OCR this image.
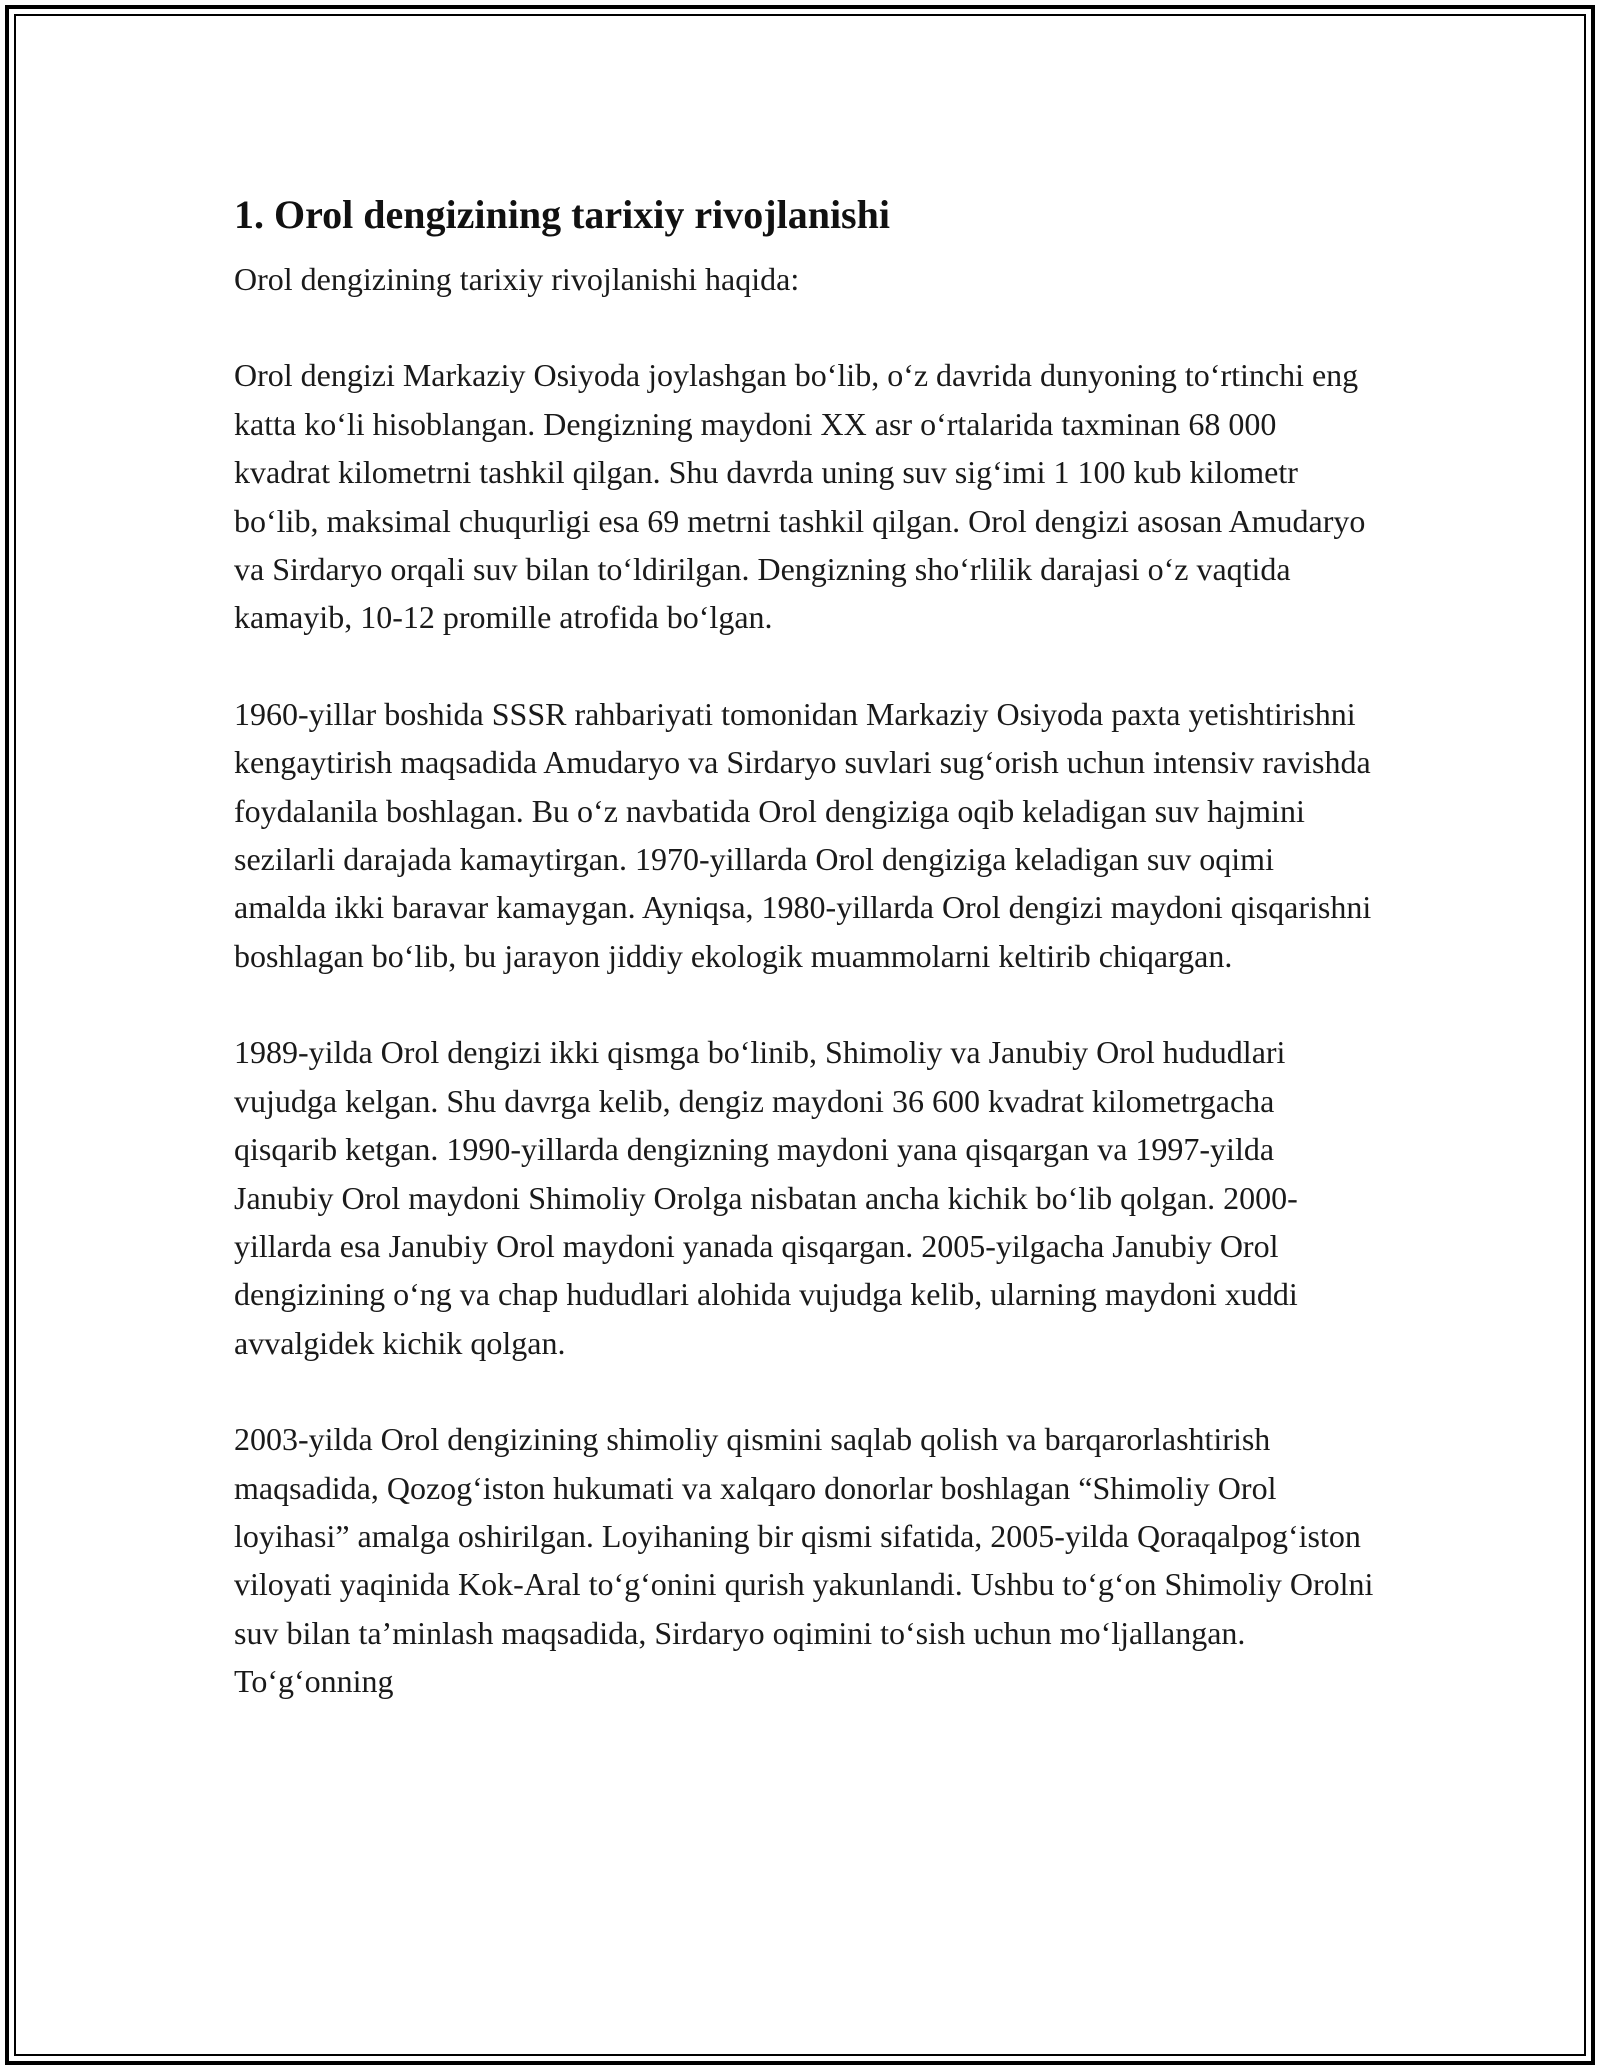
1. Orol dengizining tarixiy rivojlanishi

Orol dengizining tarixiy rivojlanishi haqida:

Orol dengizi Markaziy Osiyoda joylashgan bo‘lib, o‘z davrida dunyoning to‘rtinchi eng katta ko‘li hisoblangan. Dengizning maydoni XX asr o‘rtalarida taxminan 68 000 kvadrat kilometrni tashkil qilgan. Shu davrda uning suv sig‘imi 1 100 kub kilometr bo‘lib, maksimal chuqurligi esa 69 metrni tashkil qilgan. Orol dengizi asosan Amudaryo va Sirdaryo orqali suv bilan to‘ldirilgan. Dengizning sho‘rlilik darajasi o‘z vaqtida kamayib, 10-12 promille atrofida bo‘lgan.

1960-yillar boshida SSSR rahbariyati tomonidan Markaziy Osiyoda paxta yetishtirishni kengaytirish maqsadida Amudaryo va Sirdaryo suvlari sug‘orish uchun intensiv ravishda foydalanila boshlagan. Bu o‘z navbatida Orol dengiziga oqib keladigan suv hajmini sezilarli darajada kamaytirgan. 1970-yillarda Orol dengiziga keladigan suv oqimi amalda ikki baravar kamaygan. Ayniqsa, 1980-yillarda Orol dengizi maydoni qisqarishni boshlagan bo‘lib, bu jarayon jiddiy ekologik muammolarni keltirib chiqargan.

1989-yilda Orol dengizi ikki qismga bo‘linib, Shimoliy va Janubiy Orol hududlari vujudga kelgan. Shu davrga kelib, dengiz maydoni 36 600 kvadrat kilometrgacha qisqarib ketgan. 1990-yillarda dengizning maydoni yana qisqargan va 1997-yilda Janubiy Orol maydoni Shimoliy Orolga nisbatan ancha kichik bo‘lib qolgan. 2000-yillarda esa Janubiy Orol maydoni yanada qisqargan. 2005-yilgacha Janubiy Orol dengizining o‘ng va chap hududlari alohida vujudga kelib, ularning maydoni xuddi avvalgidek kichik qolgan.

2003-yilda Orol dengizining shimoliy qismini saqlab qolish va barqarorlashtirish maqsadida, Qozog‘iston hukumati va xalqaro donorlar boshlagan “Shimoliy Orol loyihasi” amalga oshirilgan. Loyihaning bir qismi sifatida, 2005-yilda Qoraqalpog‘iston viloyati yaqinida Kok-Aral to‘g‘onini qurish yakunlandi. Ushbu to‘g‘on Shimoliy Orolni suv bilan ta’minlash maqsadida, Sirdaryo oqimini to‘sish uchun mo‘ljallangan. To‘g‘onning
